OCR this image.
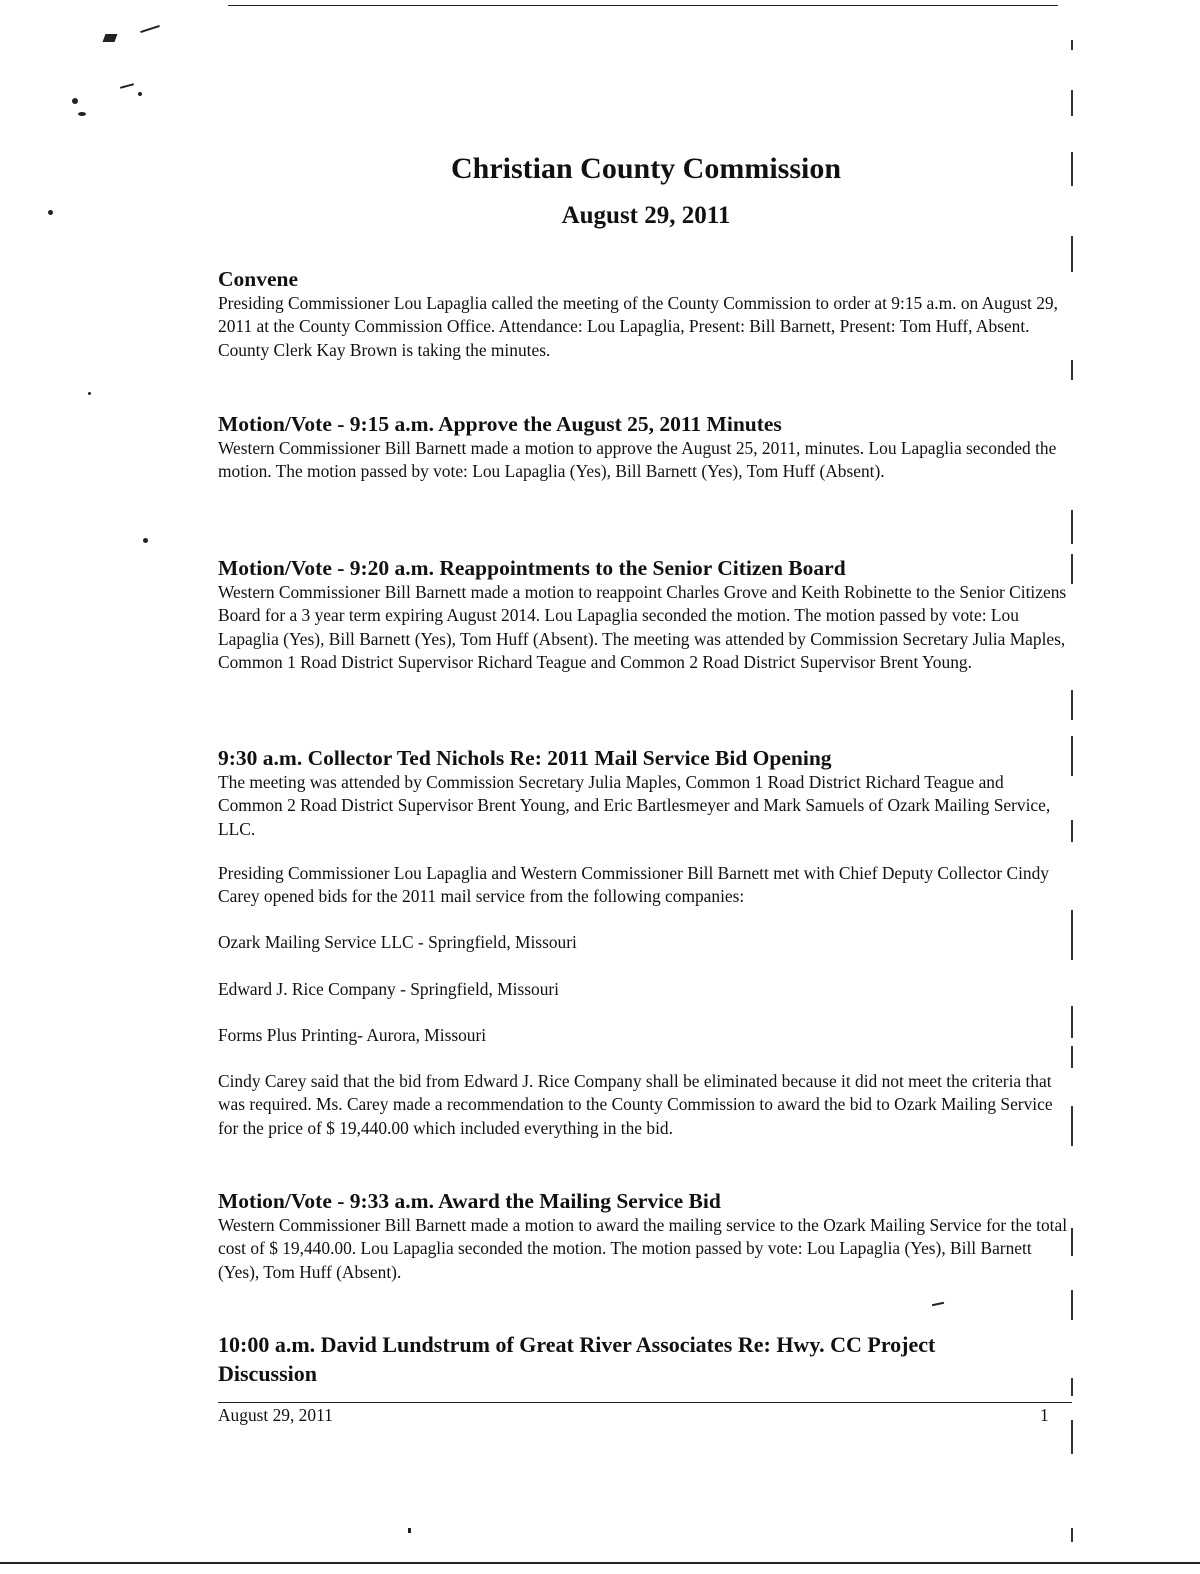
Christian County Commission
August 29, 2011
Convene

Presiding Commissioner Lou Lapaglia called the meeting of the County Commission to order at 9:15 a.m. on August 29, 2011 at the County Commission Office. Attendance: Lou Lapaglia, Present: Bill Barnett, Present: Tom Huff, Absent. County Clerk Kay Brown is taking the minutes.

Motion/Vote - 9:15 a.m. Approve the August 25, 2011 Minutes

Western Commissioner Bill Barnett made a motion to approve the August 25, 2011, minutes. Lou Lapaglia seconded the motion. The motion passed by vote: Lou Lapaglia (Yes), Bill Barnett (Yes), Tom Huff (Absent).

Motion/Vote - 9:20 a.m. Reappointments to the Senior Citizen Board

Western Commissioner Bill Barnett made a motion to reappoint Charles Grove and Keith Robinette to the Senior Citizens Board for a 3 year term expiring August 2014. Lou Lapaglia seconded the motion. The motion passed by vote: Lou Lapaglia (Yes), Bill Barnett (Yes), Tom Huff (Absent). The meeting was attended by Commission Secretary Julia Maples, Common 1 Road District Supervisor Richard Teague and Common 2 Road District Supervisor Brent Young.

9:30 a.m. Collector Ted Nichols Re: 2011 Mail Service Bid Opening

The meeting was attended by Commission Secretary Julia Maples, Common 1 Road District Richard Teague and Common 2 Road District Supervisor Brent Young, and Eric Bartlesmeyer and Mark Samuels of Ozark Mailing Service, LLC.

Presiding Commissioner Lou Lapaglia and Western Commissioner Bill Barnett met with Chief Deputy Collector Cindy Carey opened bids for the 2011 mail service from the following companies:

Ozark Mailing Service LLC - Springfield, Missouri
Edward J. Rice Company - Springfield, Missouri
Forms Plus Printing- Aurora, Missouri

Cindy Carey said that the bid from Edward J. Rice Company shall be eliminated because it did not meet the criteria that was required. Ms. Carey made a recommendation to the County Commission to award the bid to Ozark Mailing Service for the price of $ 19,440.00 which included everything in the bid.

Motion/Vote - 9:33 a.m. Award the Mailing Service Bid

Western Commissioner Bill Barnett made a motion to award the mailing service to the Ozark Mailing Service for the total cost of $ 19,440.00. Lou Lapaglia seconded the motion. The motion passed by vote: Lou Lapaglia (Yes), Bill Barnett (Yes), Tom Huff (Absent).

10:00 a.m. David Lundstrum of Great River Associates Re: Hwy. CC Project Discussion
August 29, 2011	1
